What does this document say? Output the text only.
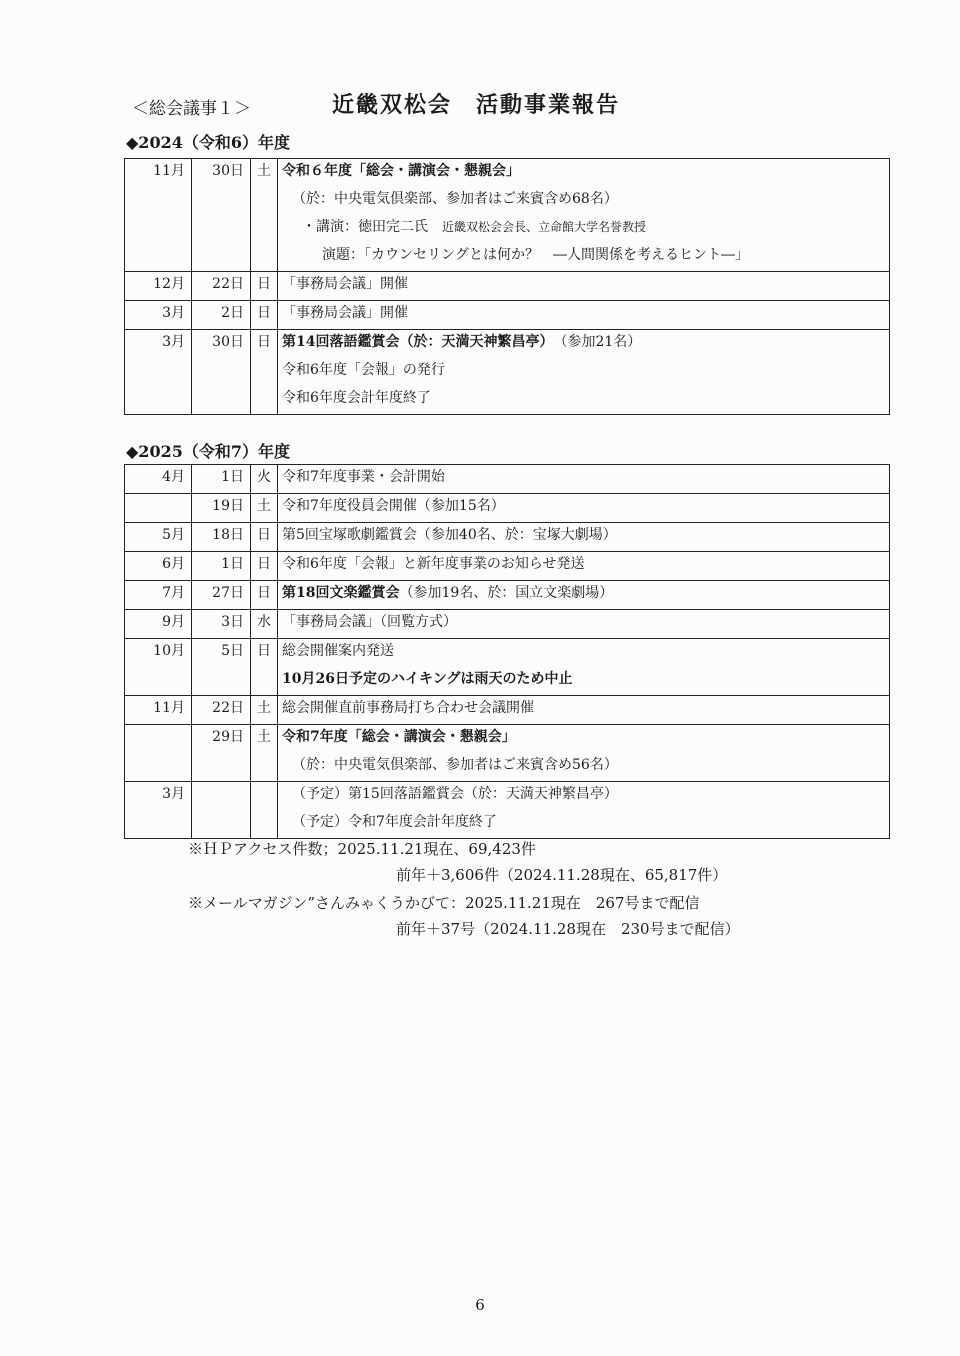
＜総会議事１＞	近畿双松会　活動事業報告
◆2024（令和6）年度
11月	30日	土	令和６年度「総会・講演会・懇親会」
（於：中央電気倶楽部、参加者はご来賓含め68名）
・講演：徳田完二氏　 近畿双松会会長、立命館大学名誉教授
演題：「カウンセリングとは何か？　―人間関係を考えるヒント―」

12月	22日	日	「事務局会議」開催

3月	2日	日	「事務局会議」開催

3月	30日	日	第14回落語鑑賞会（於：天満天神繁昌亭）　 （参加21名）
令和6年度「会報」の発行
令和6年度会計年度終了
◆2025（令和7）年度
4月	1日	火	令和7年度事業・会計開始

	19日	土	令和7年度役員会開催（参加15名）

5月	18日	日	第5回宝塚歌劇鑑賞会（参加40名、於：宝塚大劇場）

6月	1日	日	令和6年度「会報」と新年度事業のお知らせ発送

7月	27日	日	第18回文楽鑑賞会（参加19名、於：国立文楽劇場）

9月	3日	水	「事務局会議」（回覧方式）

10月	5日	日	総会開催案内発送
10月26日予定のハイキングは雨天のため中止

11月	22日	土	総会開催直前事務局打ち合わせ会議開催

	29日	土	令和7年度「総会・講演会・懇親会」
（於：中央電気倶楽部、参加者はご来賓含め56名）

3月			（予定）第15回落語鑑賞会（於：天満天神繁昌亭）
（予定）令和7年度会計年度終了
※ＨＰアクセス件数；2025.11.21現在、69,423件
前年＋3,606件（2024.11.28現在、65,817件）
※メールマガジン”さんみゃくうかびて：2025.11.21現在　267号まで配信
前年＋37号（2024.11.28現在　230号まで配信）
6
